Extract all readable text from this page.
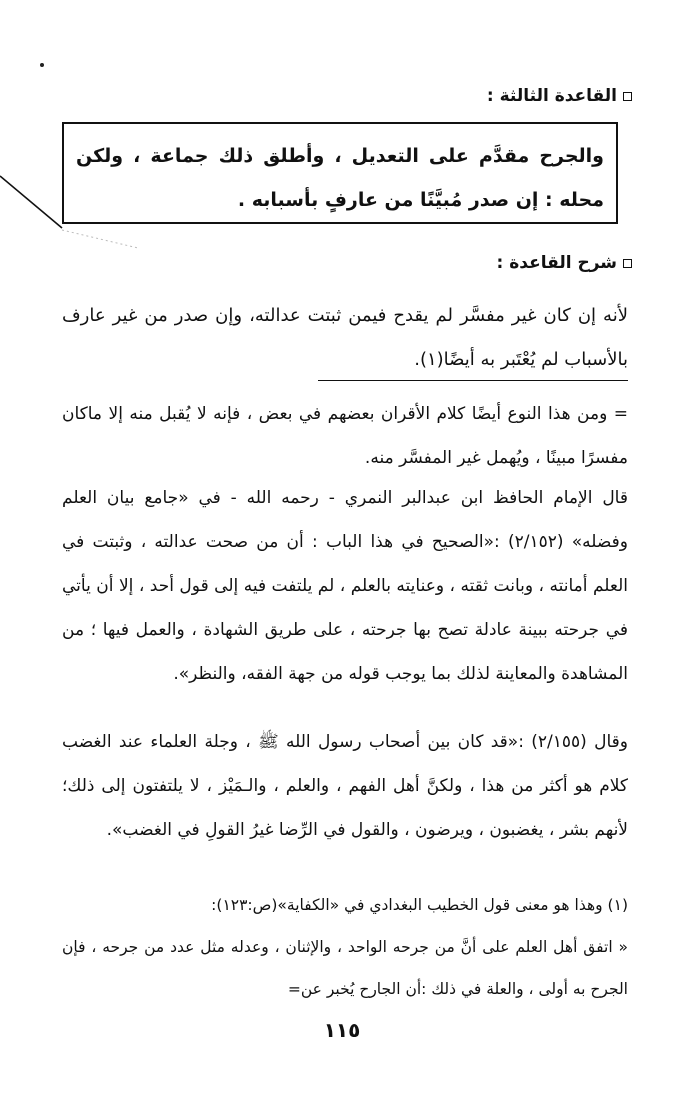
القاعدة الثالثة :

والجرح مقدَّم على التعديل ، وأطلق ذلك جماعة ، ولكن محله : إن صدر مُبيَّنًا من عارفٍ بأسبابه .

شرح القاعدة :

لأنه إن كان غير مفسَّر لم يقدح فيمن ثبتت عدالته، وإن صدر من غير عارف بالأسباب لم يُعْتَبر به أيضًا(١).

= ومن هذا النوع أيضًا كلام الأقران بعضهم في بعض ، فإنه لا يُقبل منه إلا ماكان مفسرًا مبينًا ، ويُهمل غير المفسَّر منه.

قال الإمام الحافظ ابن عبدالبر النمري - رحمه الله - في «جامع بيان العلم وفضله» (٢/١٥٢) :«الصحيح في هذا الباب : أن من صحت عدالته ، وثبتت في العلم أمانته ، وبانت ثقته ، وعنايته بالعلم ، لم يلتفت فيه إلى قول أحد ، إلا أن يأتي في جرحته ببينة عادلة تصح بها جرحته ، على طريق الشهادة ، والعمل فيها ؛ من المشاهدة والمعاينة لذلك بما يوجب قوله من جهة الفقه، والنظر».

وقال (٢/١٥٥) :«قد كان بين أصحاب رسول الله ﷺ ، وجلة العلماء عند الغضب كلام هو أكثر من هذا ، ولكنَّ أهل الفهم ، والعلم ، والـمَيْز ، لا يلتفتون إلى ذلك؛ لأنهم بشر ، يغضبون ، ويرضون ، والقول في الرِّضا غيرُ القولِ في الغضب».

(١) وهذا هو معنى قول الخطيب البغدادي في «الكفاية»(ص:١٢٣):

« اتفق أهل العلم على أنَّ من جرحه الواحد ، والإثنان ، وعدله مثل عدد من جرحه ، فإن الجرح به أولى ، والعلة في ذلك :أن الجارح يُخبر عن=

١١٥
